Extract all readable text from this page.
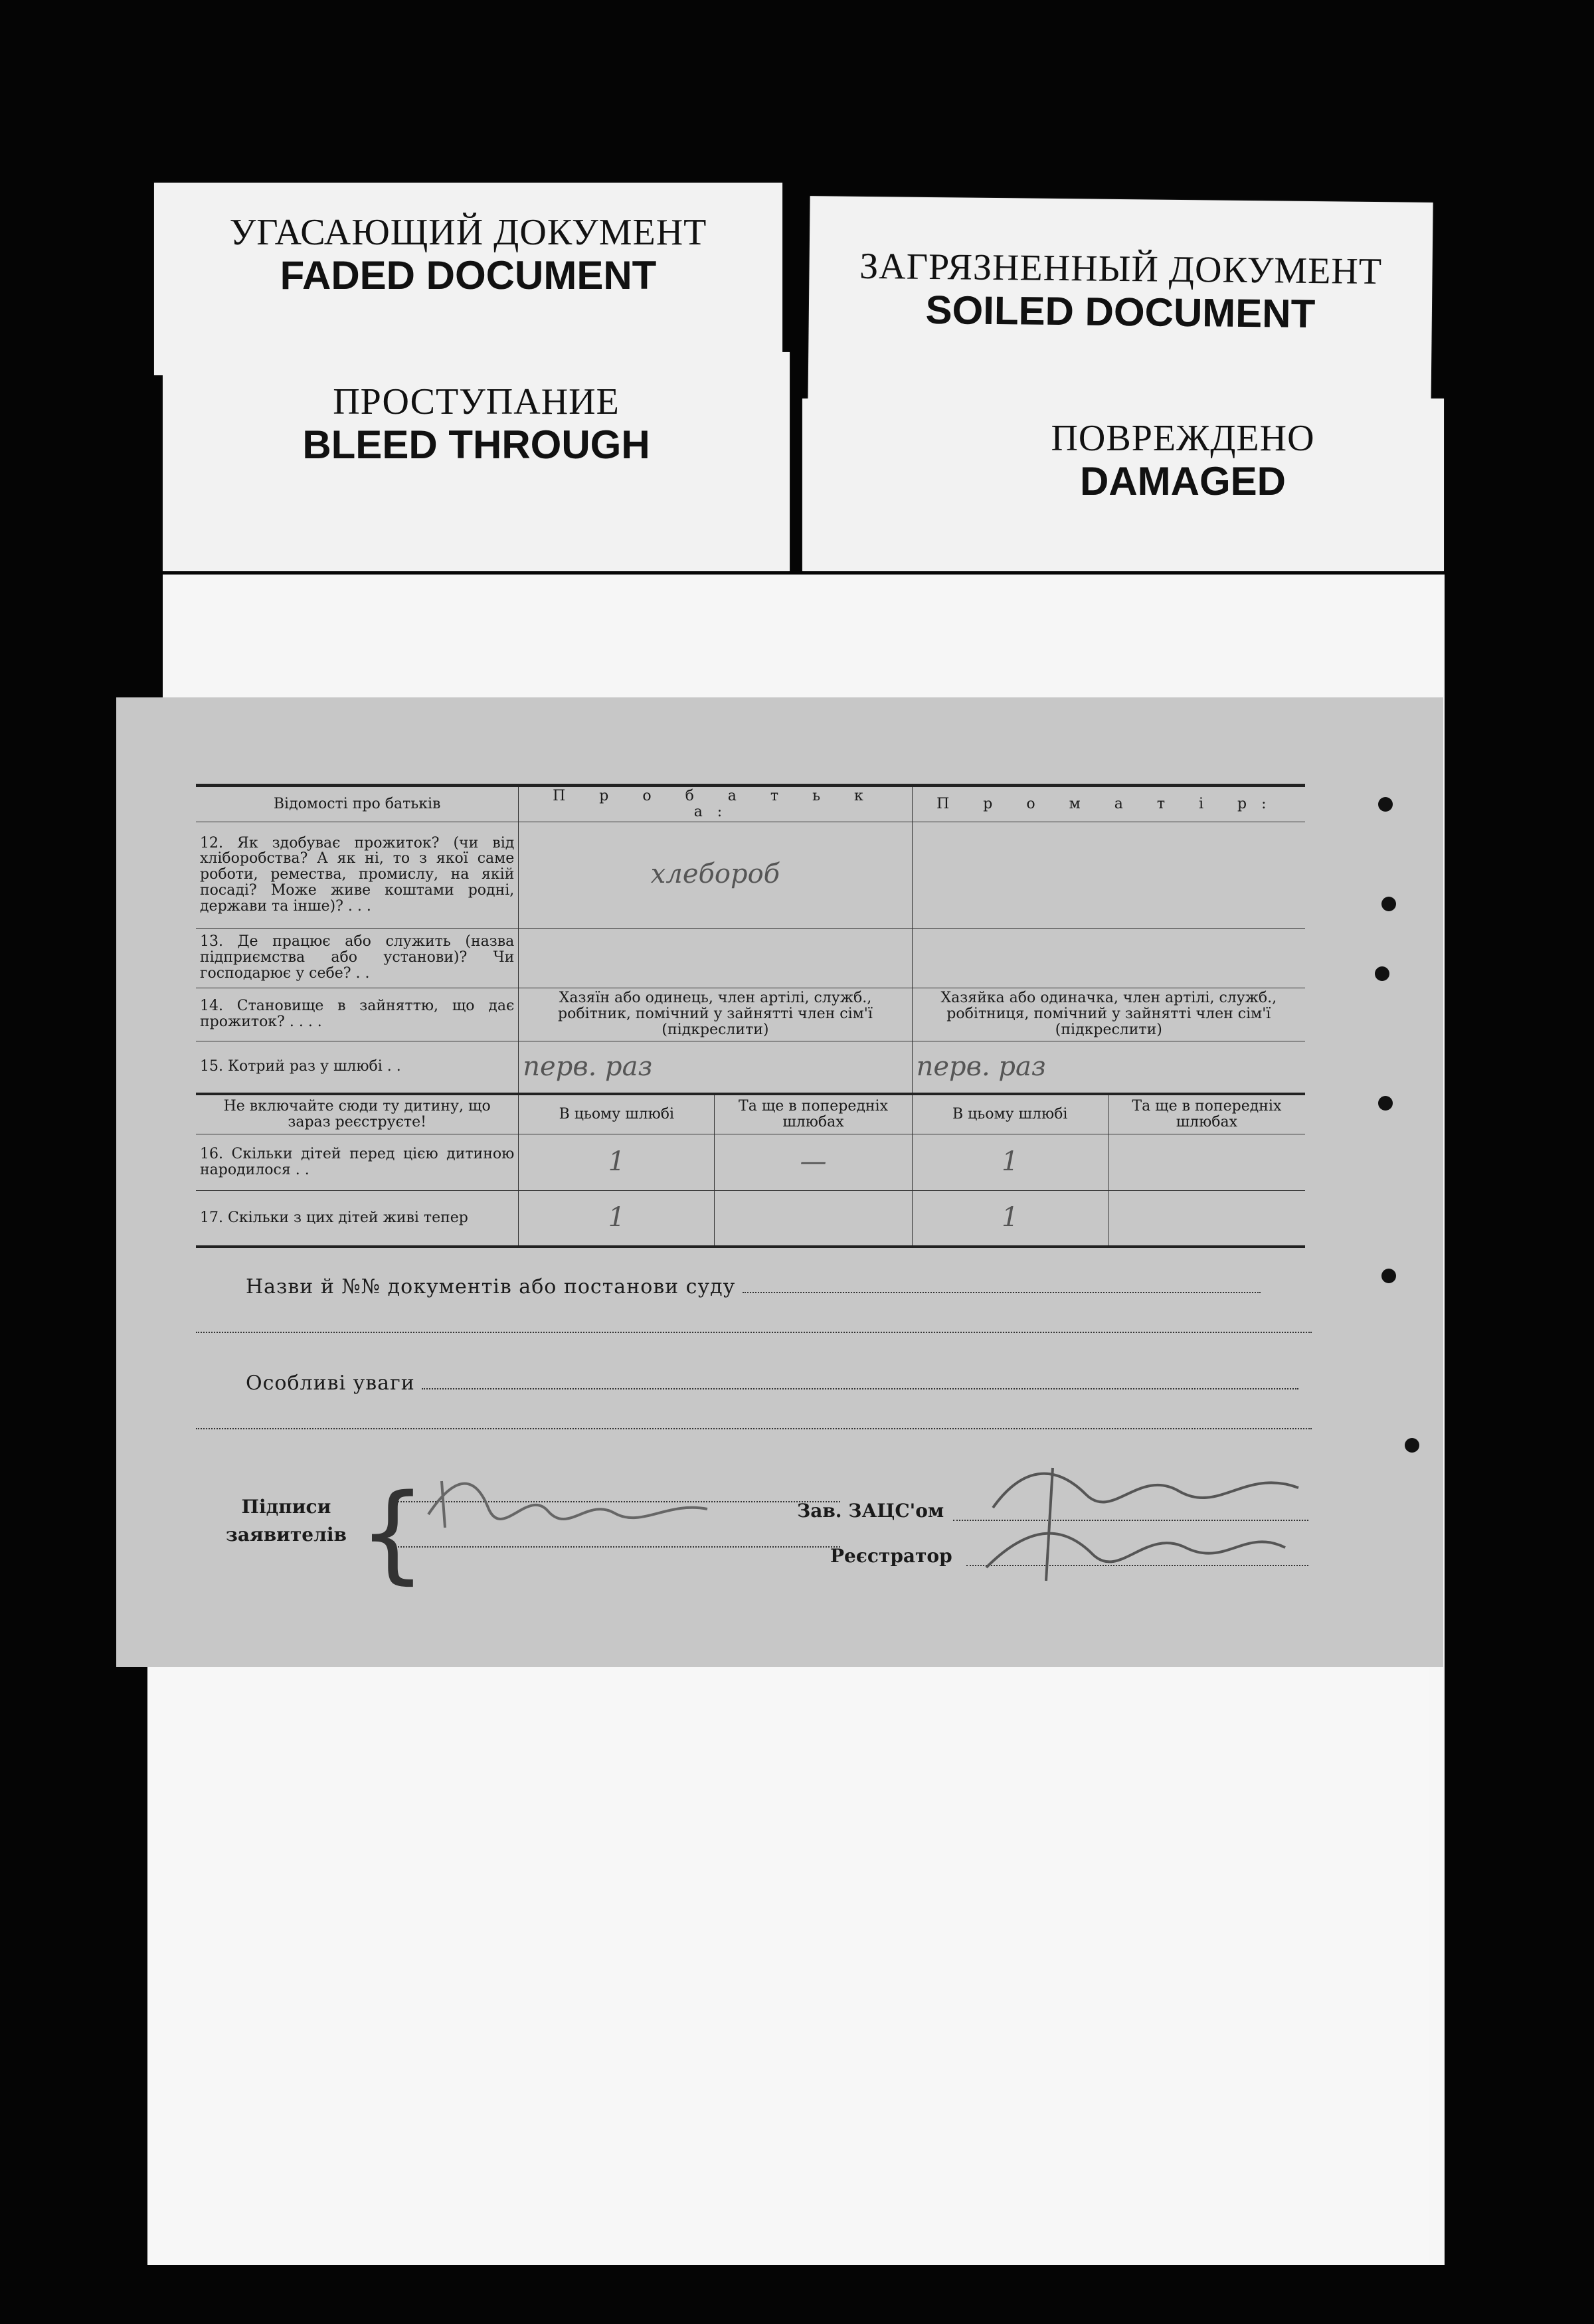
УГАСАЮЩИЙ ДОКУМЕНТ
FADED DOCUMENT	ЗАГРЯЗНЕННЫЙ ДОКУМЕНТ
SOILED DOCUMENT
ПРОСТУПАНИЕ
BLEED THROUGH	ПОВРЕЖДЕНО
DAMAGED
Відомості про батьків	П р о б а т ь к а:		П р о м а т і р:	
12. Як здобуває прожиток? (чи від хліборобства? А як ні, то з якої саме роботи, ремества, промислу, на якій посаді? Може живе коштами родні, держави та інше)? . . .	хлебороб			
13. Де працює або служить (назва підприємства або установи)? Чи господарює у себе? . .				
14. Становище в зайняттю, що дає прожиток? . . . .	Хазяїн або одинець, член артілі, служб., робітник, помічний у зайнятті член сім'ї (підкреслити)		Хазяйка або одиначка, член артілі, служб., робітниця, помічний у зайнятті член сім'ї (підкреслити)	
15. Котрий раз у шлюбі . .	перв. раз		перв. раз	
Не включайте сюди ту дитину, що зараз реєструєте!	В цьому шлюбі	Та ще в попередніх шлюбах	В цьому шлюбі	Та ще в попередніх шлюбах
16. Скільки дітей перед цією дитиною народилося . .	1	—	1	
17. Скільки з цих дітей живі тепер	1		1	
Назви й №№ документів або постанови суду
Особливі уваги
Підписи
заявителів {	Зав. ЗАЦС'ом
Реєстратор
